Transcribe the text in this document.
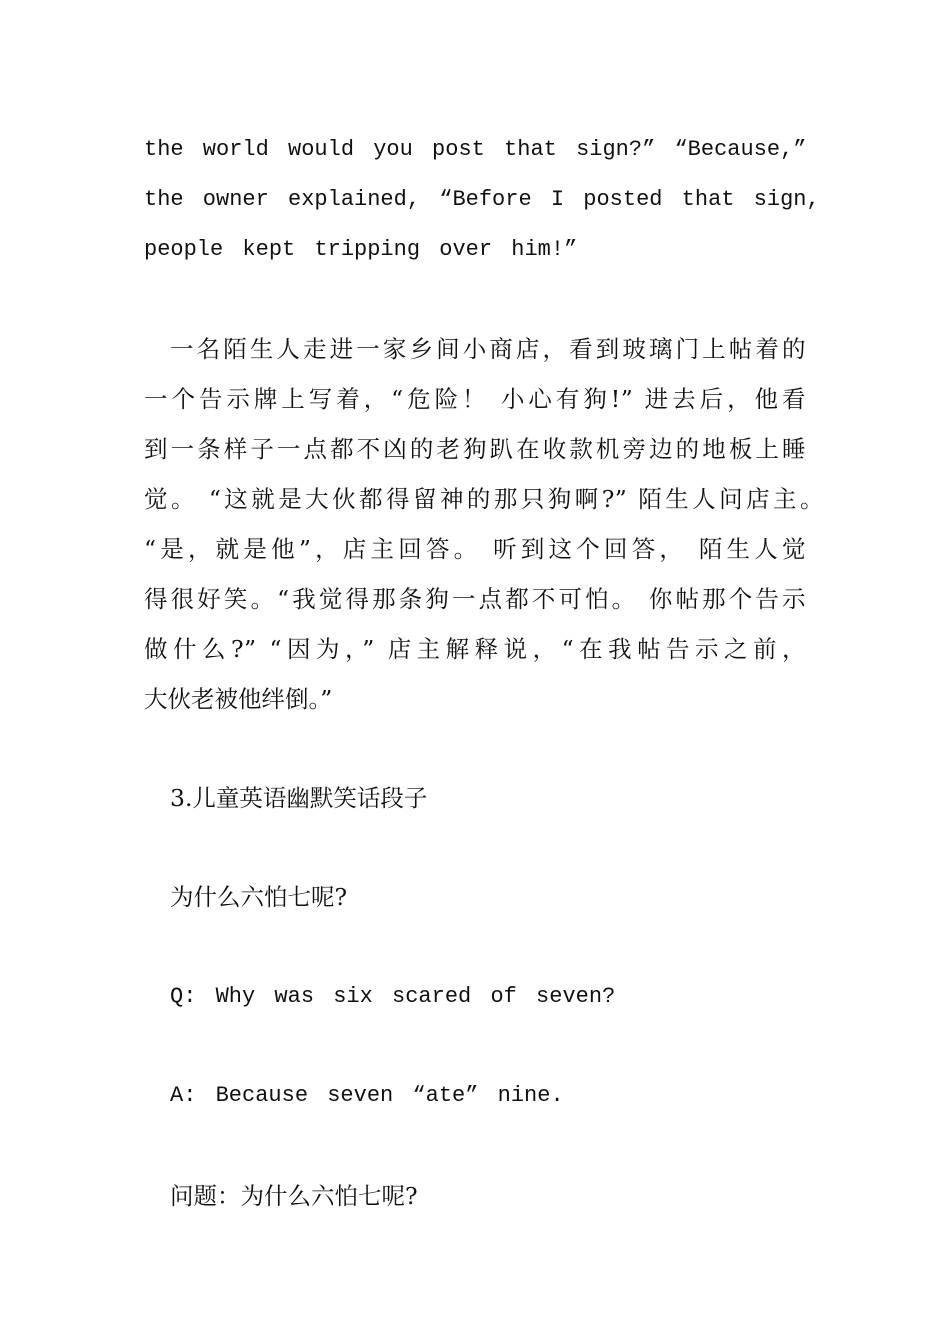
the world would you post that sign?” “Because,”
the owner explained, “Before I posted that sign,
people kept tripping over him!”
一名陌生人走进一家乡间小商店，看到玻璃门上帖着的
一个告示牌上写着，“危险！ 小心有狗!” 进去后，他看
到一条样子一点都不凶的老狗趴在收款机旁边的地板上睡
觉。 “这就是大伙都得留神的那只狗啊?” 陌生人问店主。
“是，就是他”，店主回答。 听到这个回答， 陌生人觉
得很好笑。“我觉得那条狗一点都不可怕。 你帖那个告示
做什么?” “因为，” 店主解释说，“在我帖告示之前，
大伙老被他绊倒。”
3.儿童英语幽默笑话段子
为什么六怕七呢?
Q: Why was six scared of seven?
A: Because seven “ate” nine.
问题：为什么六怕七呢?
